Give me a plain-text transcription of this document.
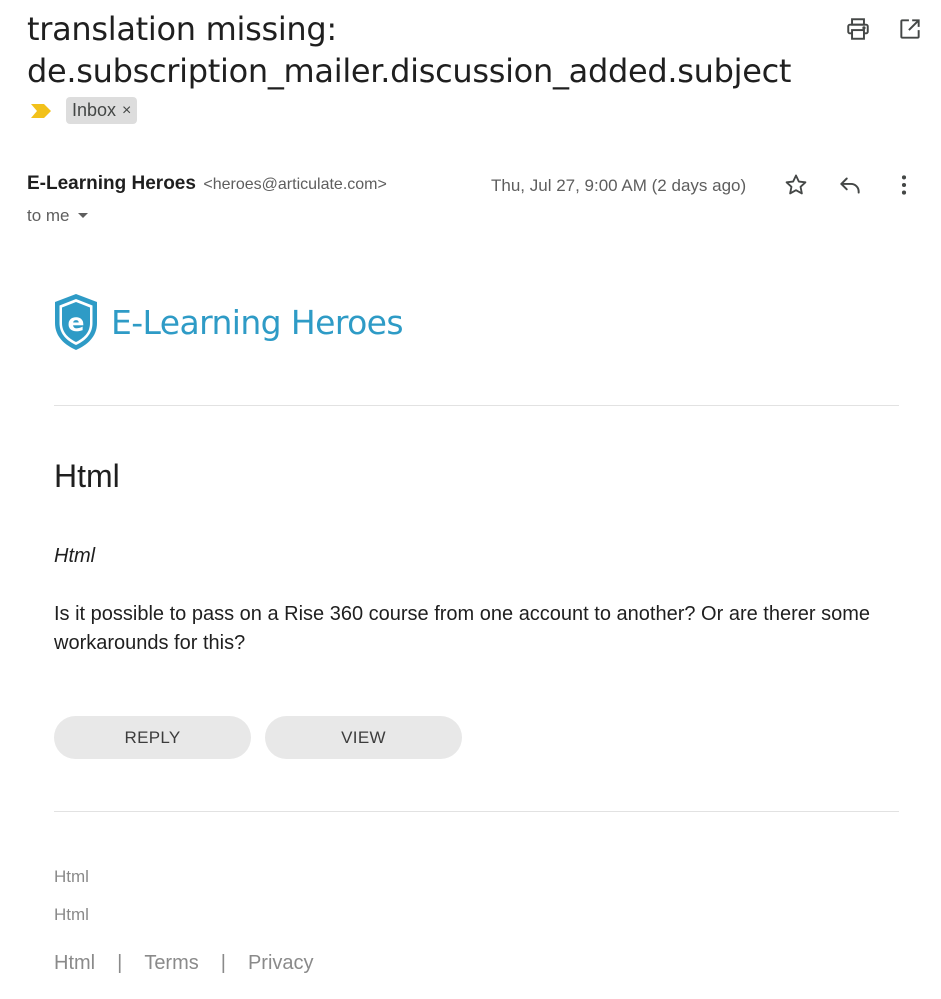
translation missing:
de.subscription_mailer.discussion_added.subject
Inbox ×
E-Learning Heroes <heroes@articulate.com>	Thu, Jul 27, 9:00 AM (2 days ago)
to me
e E-Learning Heroes
Html
Html
Is it possible to pass on a Rise 360 course from one account to another? Or are therer some workarounds for this?
REPLY	VIEW
Html
Html
Html | Terms | Privacy
